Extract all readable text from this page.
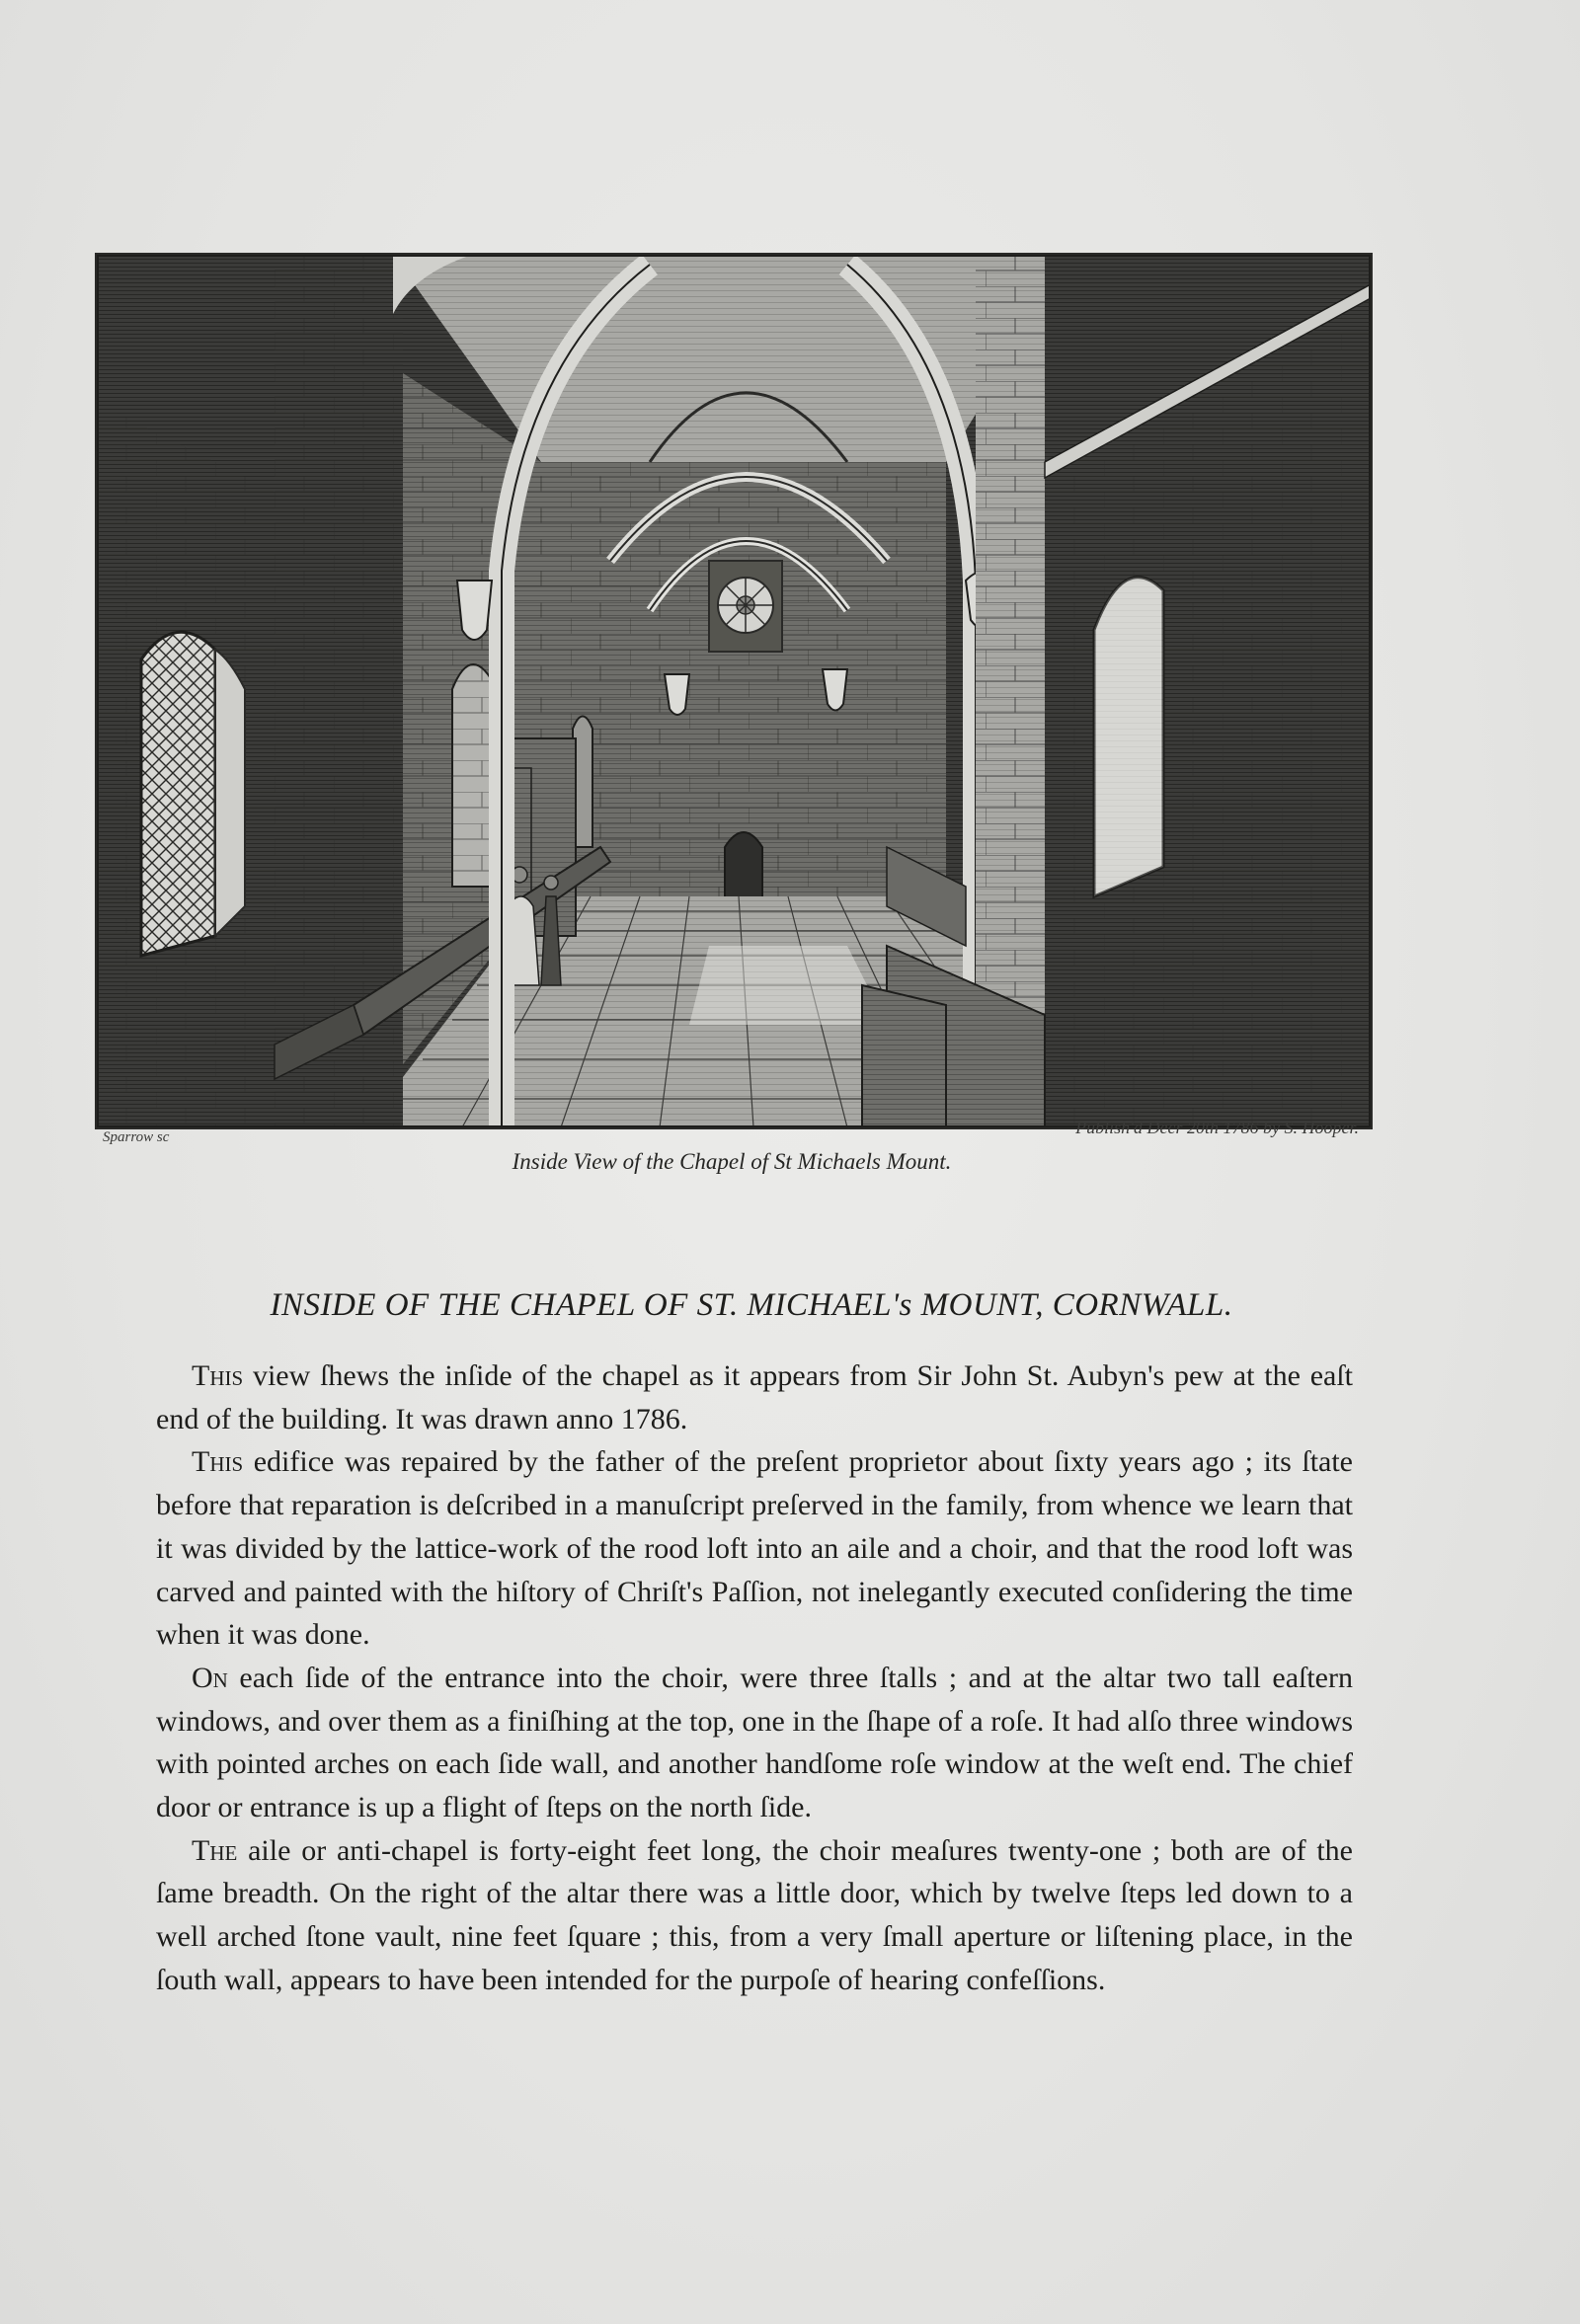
Sparrow sc	Publish'd Decr 20th 1786 by S. Hooper.
Inside View of the Chapel of St Michaels Mount.
INSIDE OF THE CHAPEL OF ST. MICHAEL's MOUNT, CORNWALL.

This view ſhews the inſide of the chapel as it appears from Sir John St. Aubyn's pew at the eaſt end of the building. It was drawn anno 1786.

This edifice was repaired by the father of the preſent proprietor about ſixty years ago ; its ſtate before that reparation is deſcribed in a manuſcript preſerved in the family, from whence we learn that it was divided by the lattice-work of the rood loft into an aile and a choir, and that the rood loft was carved and painted with the hiſtory of Chriſt's Paſſion, not inelegantly executed conſidering the time when it was done.

On each ſide of the entrance into the choir, were three ſtalls ; and at the altar two tall eaſtern windows, and over them as a finiſhing at the top, one in the ſhape of a roſe. It had alſo three windows with pointed arches on each ſide wall, and another handſome roſe window at the weſt end. The chief door or entrance is up a flight of ſteps on the north ſide.

The aile or anti-chapel is forty-eight feet long, the choir meaſures twenty-one ; both are of the ſame breadth. On the right of the altar there was a little door, which by twelve ſteps led down to a well arched ſtone vault, nine feet ſquare ; this, from a very ſmall aperture or liſtening place, in the ſouth wall, appears to have been intended for the purpoſe of hearing confeſſions.
